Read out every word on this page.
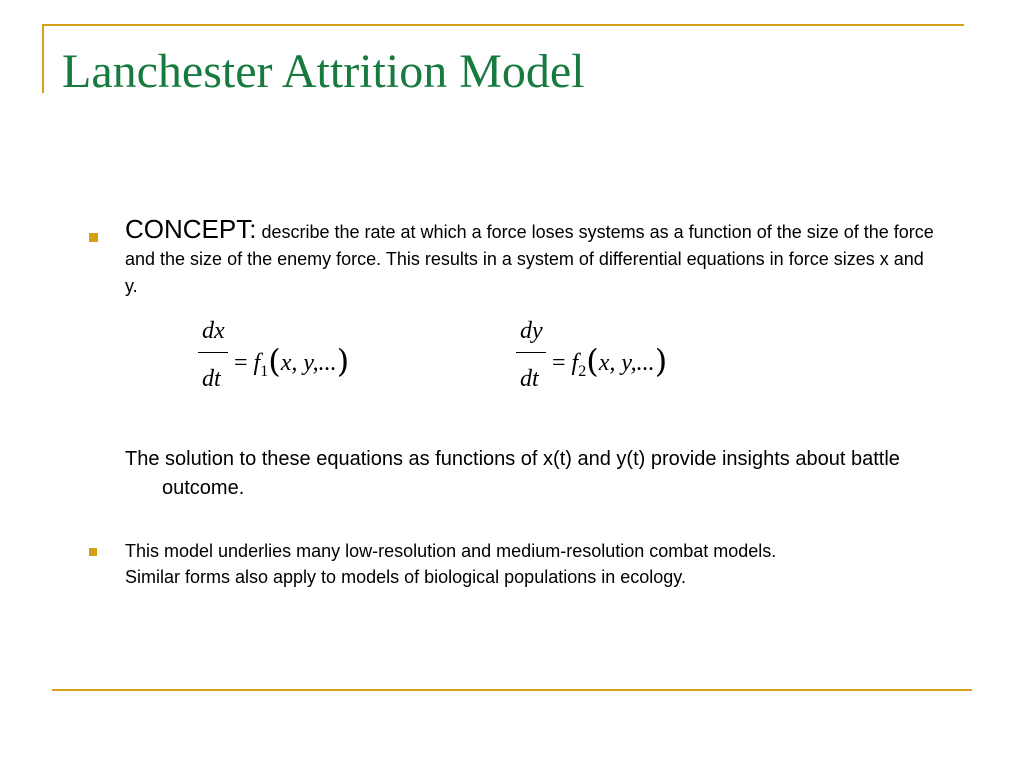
Lanchester Attrition Model
CONCEPT: describe the rate at which a force loses systems as a function of the size of the force and the size of the enemy force. This results in a system of differential equations in force sizes x and y.
dx
dt
= $f_1(x$, y,...)
dy
dt
= $f_2(x$, y,...)
The solution to these equations as functions of x(t) and y(t) provide insights about battle outcome.
This model underlies many low-resolution and medium-resolution combat models.
Similar forms also apply to models of biological populations in ecology.
